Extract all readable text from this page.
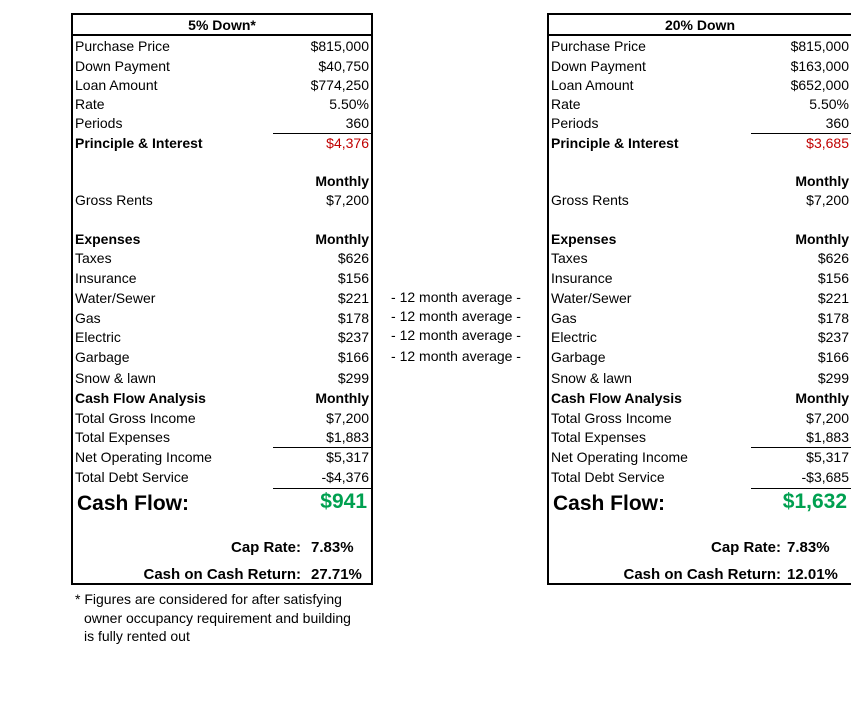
5% Down*
Purchase Price	$815,000
Down Payment	$40,750
Loan Amount	$774,250
Rate	5.50%
Periods	360
Principle & Interest	$4,376
Monthly
Gross Rents	$7,200
Expenses	Monthly
Taxes	$626
Insurance	$156
Water/Sewer	$221
Gas	$178
Electric	$237
Garbage	$166
Snow & lawn	$299
Cash Flow Analysis	Monthly
Total Gross Income	$7,200
Total Expenses	$1,883
Net Operating Income	$5,317
Total Debt Service	-$4,376
Cash Flow:	$941
Cap Rate: 7.83%
Cash on Cash Return: 27.71%
- 12 month average -
- 12 month average -
- 12 month average -
- 12 month average -
20% Down
Purchase Price	$815,000
Down Payment	$163,000
Loan Amount	$652,000
Rate	5.50%
Periods	360
Principle & Interest	$3,685
Monthly
Gross Rents	$7,200
Expenses	Monthly
Taxes	$626
Insurance	$156
Water/Sewer	$221
Gas	$178
Electric	$237
Garbage	$166
Snow & lawn	$299
Cash Flow Analysis	Monthly
Total Gross Income	$7,200
Total Expenses	$1,883
Net Operating Income	$5,317
Total Debt Service	-$3,685
Cash Flow:	$1,632
Cap Rate: 7.83%
Cash on Cash Return: 12.01%
* Figures are considered for after satisfying
owner occupancy requirement and building
is fully rented out
